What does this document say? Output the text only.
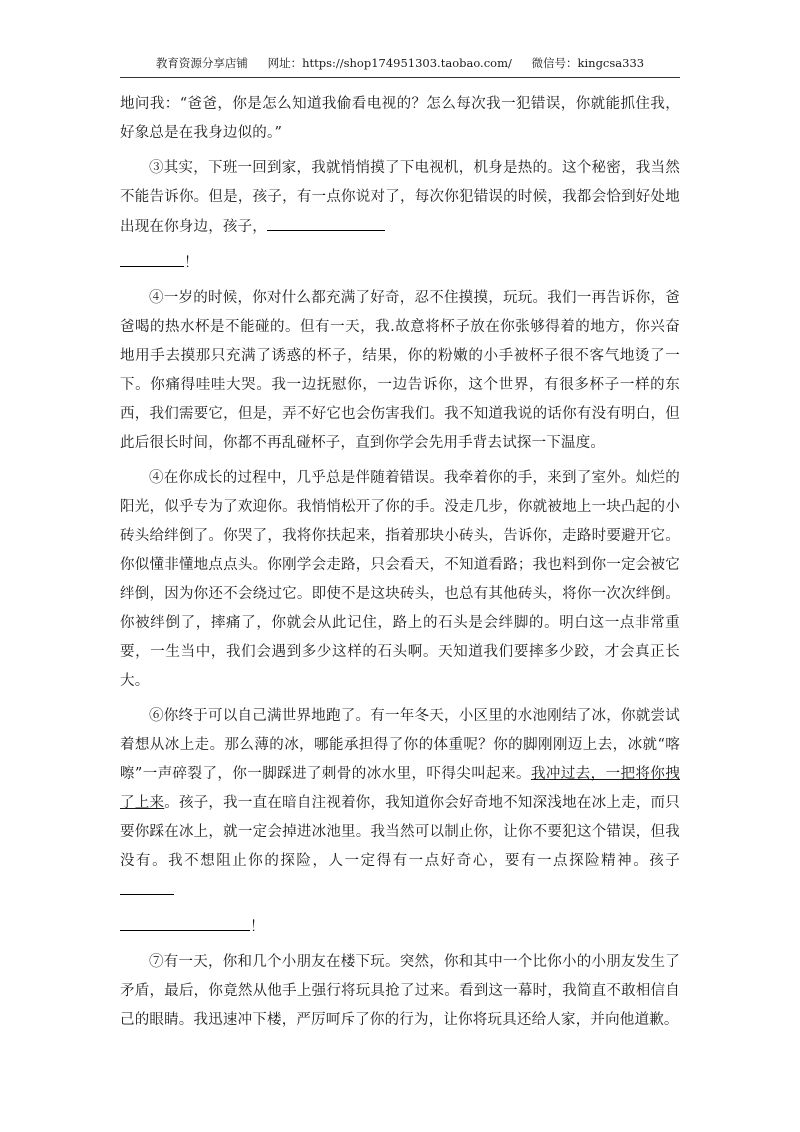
教育资源分享店铺 网址：https://shop174951303.taobao.com/ 微信号：kingcsa333

地问我：“爸爸，你是怎么知道我偷看电视的？怎么每次我一犯错误，你就能抓住我，好象总是在我身边似的。”

③其实，下班一回到家，我就悄悄摸了下电视机，机身是热的。这个秘密，我当然不能告诉你。但是，孩子，有一点你说对了，每次你犯错误的时候，我都会恰到好处地出现在你身边，孩子，

！

④一岁的时候，你对什么都充满了好奇，忍不住摸摸，玩玩。我们一再告诉你，爸爸喝的热水杯是不能碰的。但有一天，我.故意将杯子放在你张够得着的地方，你兴奋地用手去摸那只充满了诱惑的杯子，结果，你的粉嫩的小手被杯子很不客气地烫了一下。你痛得哇哇大哭。我一边抚慰你，一边告诉你，这个世界，有很多杯子一样的东西，我们需要它，但是，弄不好它也会伤害我们。我不知道我说的话你有没有明白，但此后很长时间，你都不再乱碰杯子，直到你学会先用手背去试探一下温度。

④在你成长的过程中，几乎总是伴随着错误。我牵着你的手，来到了室外。灿烂的阳光，似乎专为了欢迎你。我悄悄松开了你的手。没走几步，你就被地上一块凸起的小砖头给绊倒了。你哭了，我将你扶起来，指着那块小砖头，告诉你，走路时要避开它。你似懂非懂地点点头。你刚学会走路，只会看天，不知道看路；我也料到你一定会被它绊倒，因为你还不会绕过它。即使不是这块砖头，也总有其他砖头，将你一次次绊倒。你被绊倒了，摔痛了，你就会从此记住，路上的石头是会绊脚的。明白这一点非常重要，一生当中，我们会遇到多少这样的石头啊。天知道我们要摔多少跤，才会真正长大。

⑥你终于可以自己满世界地跑了。有一年冬天，小区里的水池刚结了冰，你就尝试着想从冰上走。那么薄的冰，哪能承担得了你的体重呢？你的脚刚刚迈上去，冰就“喀嚓”一声碎裂了，你一脚踩进了刺骨的冰水里，吓得尖叫起来。我冲过去，一把将你拽了上来。孩子，我一直在暗自注视着你，我知道你会好奇地不知深浅地在冰上走，而只要你踩在冰上，就一定会掉进冰池里。我当然可以制止你，让你不要犯这个错误，但我没有。我不想阻止你的探险，人一定得有一点好奇心，要有一点探险精神。孩子

！

⑦有一天，你和几个小朋友在楼下玩。突然，你和其中一个比你小的小朋友发生了矛盾，最后，你竟然从他手上强行将玩具抢了过来。看到这一幕时，我简直不敢相信自己的眼睛。我迅速冲下楼，严厉呵斥了你的行为，让你将玩具还给人家，并向他道歉。
